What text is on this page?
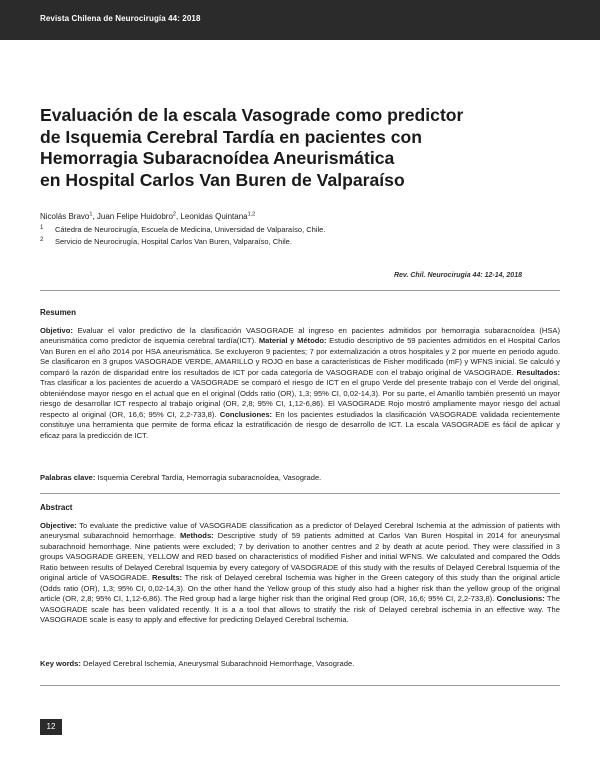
Revista Chilena de Neurocirugía 44: 2018
Evaluación de la escala Vasograde como predictor
de Isquemia Cerebral Tardía en pacientes con
Hemorragia Subaracnoídea Aneurismática
en Hospital Carlos Van Buren de Valparaíso
Nicolás Bravo$^1$, Juan Felipe Huidobro$^2$, Leonidas Quintana$^{1,2}$
1 Cátedra de Neurocirugía, Escuela de Medicina, Universidad de Valparaíso, Chile.
2 Servicio de Neurocirugía, Hospital Carlos Van Buren, Valparaíso, Chile.
Rev. Chil. Neurocirugía 44: 12-14, 2018
Resumen

Objetivo: Evaluar el valor predictivo de la clasificación VASOGRADE al ingreso en pacientes admitidos por hemorragia subaracnoídea (HSA) aneurismática como predictor de isquemia cerebral tardía(ICT). Material y Método: Estudio descriptivo de 59 pacientes admitidos en el Hospital Carlos Van Buren en el año 2014 por HSA aneurismática. Se excluyeron 9 pacientes; 7 por externalización a otros hospitales y 2 por muerte en periodo agudo. Se clasificaron en 3 grupos VASOGRADE VERDE, AMARILLO y ROJO en base a características de Fisher modificado (mF) y WFNS inicial. Se calculó y comparó la razón de disparidad entre los resultados de ICT por cada categoría de VASOGRADE con el trabajo original de VASOGRADE. Resultados: Tras clasificar a los pacientes de acuerdo a VASOGRADE se comparó el riesgo de ICT en el grupo Verde del presente trabajo con el Verde del original, obteniéndose mayor riesgo en el actual que en el original (Odds ratio (OR), 1,3; 95% CI, 0,02-14,3). Por su parte, el Amarillo también presentó un mayor riesgo de desarrollar ICT respecto al trabajo original (OR, 2,8; 95% CI, 1,12-6,86). El VASOGRADE Rojo mostró ampliamente mayor riesgo del actual respecto al original (OR, 16,6; 95% CI, 2,2-733,8). Conclusiones: En los pacientes estudiados la clasificación VASOGRADE validada recientemente constituye una herramienta que permite de forma eficaz la estratificación de riesgo de desarrollo de ICT. La escala VASOGRADE es fácil de aplicar y eficaz para la predicción de ICT.

Palabras clave: Isquemia Cerebral Tardía, Hemorragia subaracnoídea, Vasograde.
Abstract

Objective: To evaluate the predictive value of VASOGRADE classification as a predictor of Delayed Cerebral Ischemia at the admission of patients with aneurysmal subarachnoid hemorrhage. Methods: Descriptive study of 59 patients admitted at Carlos Van Buren Hospital in 2014 for aneurysmal subarachnoid hemorrhage. Nine patients were excluded; 7 by derivation to another centres and 2 by death at acute period. They were classified in 3 groups VASOGRADE GREEN, YELLOW and RED based on characteristics of modified Fisher and initial WFNS. We calculated and compared the Odds Ratio between results of Delayed Cerebral Isquemia by every category of VASOGRADE of this study with the results of Delayed Cerebral Isquemia of the original article of VASOGRADE. Results: The risk of Delayed cerebral Ischemia was higher in the Green category of this study than the original article (Odds ratio (OR), 1,3; 95% CI, 0,02-14,3). On the other hand the Yellow group of this study also had a higher risk than the yellow group of the original article (OR, 2,8; 95% CI, 1,12-6,86). The Red group had a large higher risk than the original Red group (OR, 16,6; 95% CI, 2,2-733,8). Conclusions: The VASOGRADE scale has been validated recently. It is a a tool that allows to stratify the risk of Delayed cerebral ischemia in an effective way. The VASOGRADE scale is easy to apply and effective for predicting Delayed Cerebral Ischemia.

Key words: Delayed Cerebral Ischemia, Aneurysmal Subarachnoid Hemorrhage, Vasograde.
12
